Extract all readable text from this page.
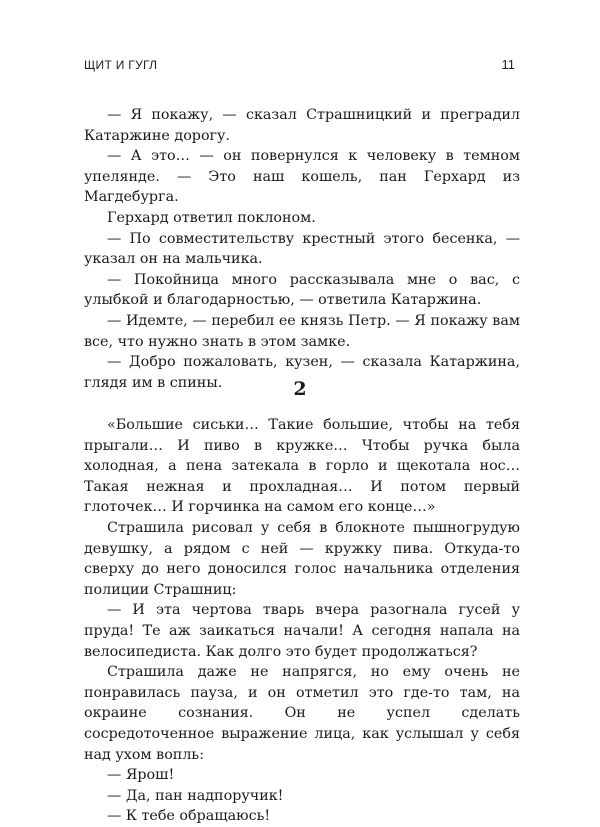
ЩИТ И ГУГЛ	11

— Я покажу, — сказал Страшницкий и преградил Катаржине дорогу.

— А это… — он повернулся к человеку в темном упелянде. — Это наш кошель, пан Герхард из Магдебурга.

Герхард ответил поклоном.

— По совместительству крестный этого бесенка, — указал он на мальчика.

— Покойница много рассказывала мне о вас, с улыбкой и благодарностью, — ответила Катаржина.

— Идемте, — перебил ее князь Петр. — Я покажу вам все, что нужно знать в этом замке.

— Добро пожаловать, кузен, — сказала Катаржина, глядя им в спины.	2

«Большие сиськи… Такие большие, чтобы на тебя прыгали… И пиво в кружке… Чтобы ручка была холодная, а пена затекала в горло и щекотала нос… Такая нежная и прохладная… И потом первый глоточек… И горчинка на самом его конце…»

Страшила рисовал у себя в блокноте пышногрудую девушку, а рядом с ней — кружку пива. Откуда-то сверху до него доносился голос начальника отделения полиции Страшниц:

— И эта чертова тварь вчера разогнала гусей у пруда! Те аж заикаться начали! А сегодня напала на велосипедиста. Как долго это будет продолжаться?

Страшила даже не напрягся, но ему очень не понравилась пауза, и он отметил это где-то там, на окраине сознания. Он не успел сделать сосредоточенное выражение лица, как услышал у себя над ухом вопль:

— Ярош!

— Да, пан надпоручик!

— К тебе обращаюсь!
